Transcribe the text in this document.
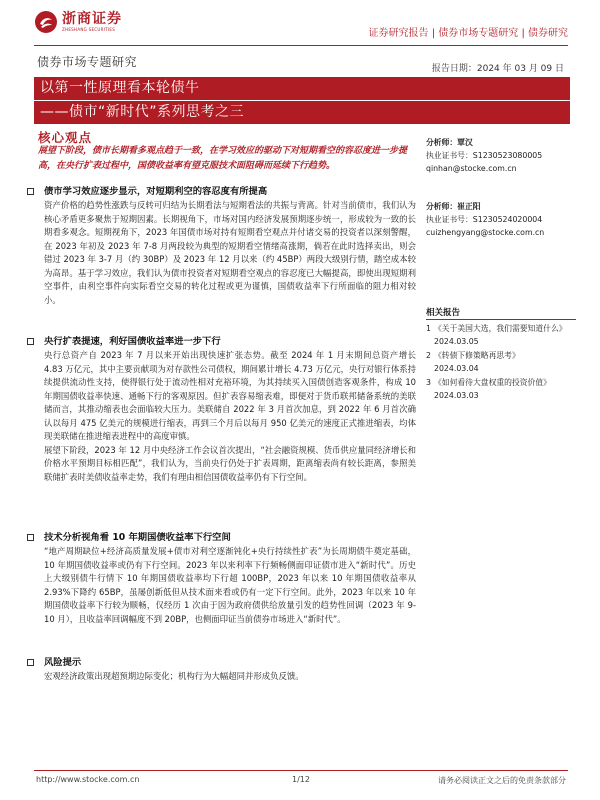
浙商证券
ZHESHANG SECURITIES	证券研究报告 | 债券市场专题研究 | 债券研究
债券市场专题研究	报告日期：2024 年 03 月 09 日
以第一性原理看本轮债牛
——债市“新时代”系列思考之三
核心观点
展望下阶段，债市长期看多观点趋于一致，在学习效应的驱动下对短期看空的容忍度进一步提高，在央行扩表过程中，国债收益率有望克服技术面阻碍而延续下行趋势。
债市学习效应逐步显示，对短期利空的容忍度有所提高

资产价格的趋势性涨跌与反转可归结为长期看法与短期看法的共振与背离。针对当前债市，我们认为核心矛盾更多聚焦于短期因素。长期视角下，市场对国内经济发展预期逐步统一，形成较为一致的长期看多观念。短期视角下，2023 年国债市场对持有短期看空观点并付诸交易的投资者以深刻警醒，在 2023 年初及 2023 年 7-8 月两段较为典型的短期看空情绪高涨期，倘若在此时选择卖出，则会错过 2023 年 3-7 月（约 30BP）及 2023 年 12 月以来（约 45BP）两段大级别行情，踏空成本较为高昂。基于学习效应，我们认为债市投资者对短期看空观点的容忍度已大幅提高，即使出现短期利空事件，由利空事件向实际看空交易的转化过程或更为谨慎，国债收益率下行所面临的阻力相对较小。

央行扩表提速，利好国债收益率进一步下行

央行总资产自 2023 年 7 月以来开始出现快速扩张态势。截至 2024 年 1 月末期间总资产增长 4.83 万亿元，其中主要贡献项为对存款性公司债权，期间累计增长 4.73 万亿元，央行对银行体系持续提供流动性支持，使得银行处于流动性相对充裕环境，为其持续买入国债创造客观条件，构成 10 年期国债收益率快速、通畅下行的客观原因。但扩表容易缩表难，即便对于货币联邦储备系统的美联储而言，其推动缩表也会面临较大压力。美联储自 2022 年 3 月首次加息，到 2022 年 6 月首次确认以每月 475 亿美元的规模进行缩表，再到三个月后以每月 950 亿美元的速度正式推进缩表，均体现美联储在推进缩表进程中的高度审慎。

展望下阶段，2023 年 12 月中央经济工作会议首次提出，“社会融资规模、货币供应量同经济增长和价格水平预期目标相匹配”，我们认为，当前央行仍处于扩表周期，距离缩表尚有较长距离，参照美联储扩表时美债收益率走势，我们有理由相信国债收益率仍有下行空间。

技术分析视角看 10 年期国债收益率下行空间

“地产周期缺位+经济高质量发展+债市对利空逐渐钝化+央行持续性扩表”为长周期债牛奠定基础，10 年期国债收益率或仍有下行空间。2023 年以来利率下行频畅侧面印证债市进入“新时代”。历史上大级别债牛行情下 10 年期国债收益率均下行超 100BP，2023 年以来 10 年期国债收益率从 2.93%下降约 65BP，虽屡创新低但从技术面来看或仍有一定下行空间。此外，2023 年以来 10 年期国债收益率下行较为顺畅，仅经历 1 次由于因为政府债供给放量引发的趋势性回调（2023 年 9-10 月），且收益率回调幅度不到 20BP，也侧面印证当前债券市场进入“新时代”。

风险提示

宏观经济政策出现超预期边际变化；机构行为大幅超同并形成负反馈。

分析师：覃汉
执业证书号：S1230523080005
qinhan@stocke.com.cn
分析师：崔正阳
执业证书号：S1230524020004
cuizhengyang@stocke.com.cn
相关报告
1 《关于美国大选，我们需要知道什么》 2024.03.05
2 《转债下修策略再思考》
2024.03.04
3 《如何看待大盘权重的投资价值》 2024.03.03
http://www.stocke.com.cn	1/12	请务必阅读正文之后的免责条款部分
